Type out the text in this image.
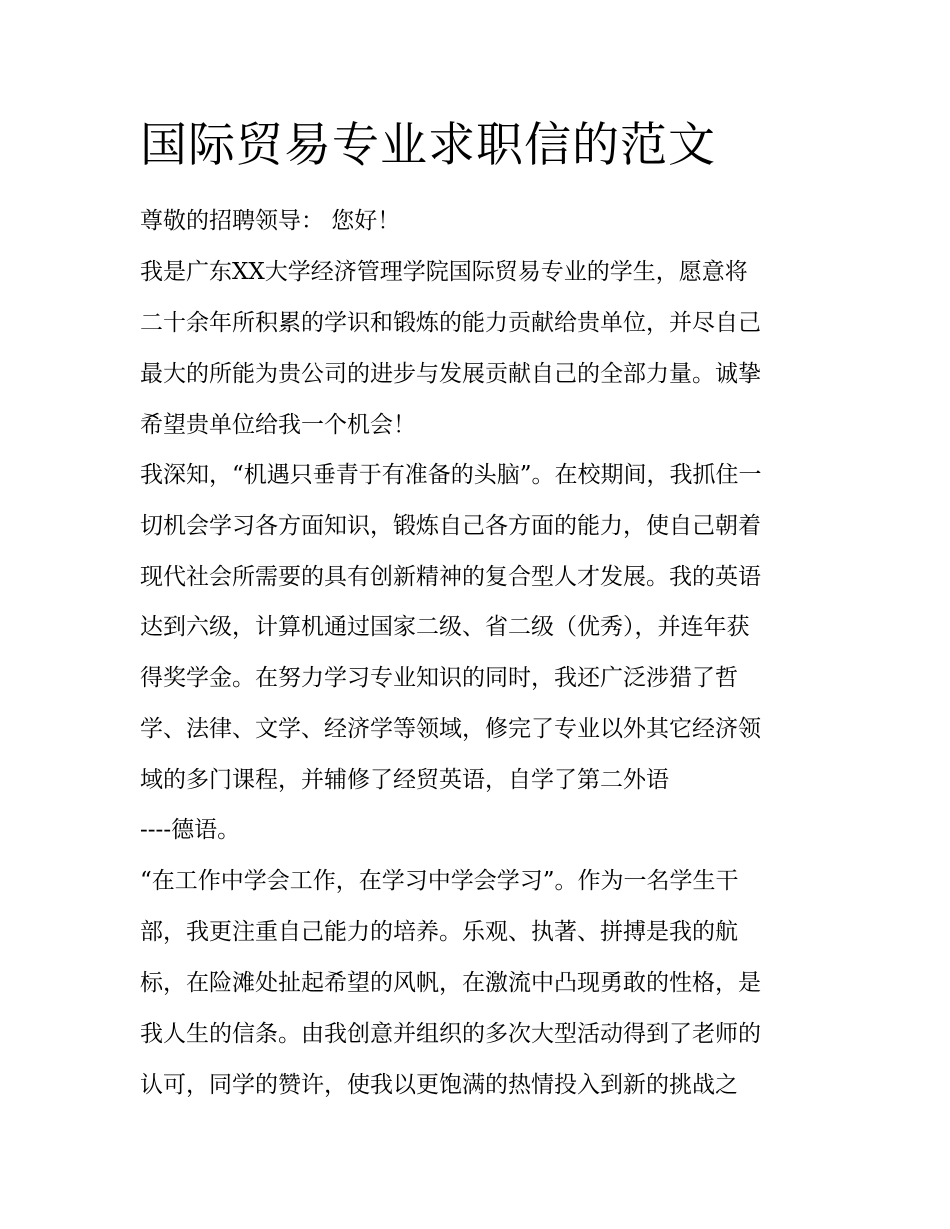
国际贸易专业求职信的范文
尊敬的招聘领导： 您好！
我是广东XX大学经济管理学院国际贸易专业的学生，愿意将
二十余年所积累的学识和锻炼的能力贡献给贵单位，并尽自己
最大的所能为贵公司的进步与发展贡献自己的全部力量。诚挚
希望贵单位给我一个机会！
我深知，“机遇只垂青于有准备的头脑”。在校期间，我抓住一
切机会学习各方面知识，锻炼自己各方面的能力，使自己朝着
现代社会所需要的具有创新精神的复合型人才发展。我的英语
达到六级，计算机通过国家二级、省二级（优秀），并连年获
得奖学金。在努力学习专业知识的同时，我还广泛涉猎了哲
学、法律、文学、经济学等领域，修完了专业以外其它经济领
域的多门课程，并辅修了经贸英语，自学了第二外语
----德语。
“在工作中学会工作，在学习中学会学习”。作为一名学生干
部，我更注重自己能力的培养。乐观、执著、拼搏是我的航
标，在险滩处扯起希望的风帆，在激流中凸现勇敢的性格，是
我人生的信条。由我创意并组织的多次大型活动得到了老师的
认可，同学的赞许，使我以更饱满的热情投入到新的挑战之
